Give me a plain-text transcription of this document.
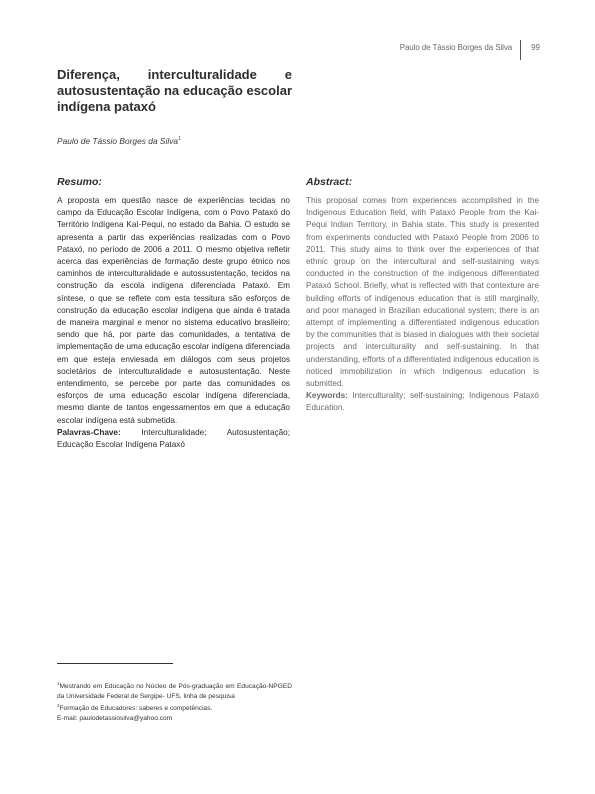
Paulo de Tássio Borges da Silva 99
Diferença, interculturalidade e autosustentação na educação escolar indígena pataxó
Paulo de Tássio Borges da Silva$^1$
Resumo:

A proposta em questão nasce de experiências tecidas no campo da Educação Escolar Indígena, com o Povo Pataxó do Território Indígena Kaí-Pequi, no estado da Bahia. O estudo se apresenta a partir das experiências realizadas com o Povo Pataxó, no período de 2006 a 2011. O mesmo objetiva refletir acerca das experiências de formação deste grupo étnico nos caminhos de interculturalidade e autossustentação, tecidos na construção da escola indígena diferenciada Pataxó. Em síntese, o que se reflete com esta tessitura são esforços de construção da educação escolar indígena que ainda é tratada de maneira marginal e menor no sistema educativo brasileiro; sendo que há, por parte das comunidades, a tentativa de implementação de uma educação escolar indígena diferenciada em que esteja enviesada em diálogos com seus projetos societários de interculturalidade e autosustentação. Neste entendimento, se percebe por parte das comunidades os esforços de uma educação escolar indígena diferenciada, mesmo diante de tantos engessamentos em que a educação escolar indígena está submetida.

Palavras-Chave:	Interculturalidade; Autosustentação; Educação Escolar Indígena Pataxó

Abstract:

This proposal comes from experiences accomplished in the Indigenous Education field, with Pataxó People from the Kai-Pequi Indian Territory, in Bahia state. This study is presented from experiments conducted with Pataxó People from 2006 to 2011. This study aims to think over the experiences of that ethnic group on the intercultural and self-sustaining ways conducted in the construction of the indigenous differentiated Pataxó School. Briefly, what is reflected with that contexture are building efforts of indigenous education that is still marginally, and poor managed in Brazilian educational system; there is an attempt of implementing a differentiated indigenous education by the communities that is biased in dialogues with their societal projects and interculturality and self-sustaining. In that understanding, efforts of a differentiated indigenous education is noticed immobilization in which indigenous education is submitted.

Keywords: Interculturality; self-sustaining; Indigenous Pataxó Education.

$^1$Mestrando em Educação no Núcleo de Pós-graduação em Educação-NPGED da Universidade Federal de Sergipe- UFS, linha de pesquisa

$^2$Formação de Educadores: saberes e competências.

E-mail: paulodetassiosilva@yahoo.com
